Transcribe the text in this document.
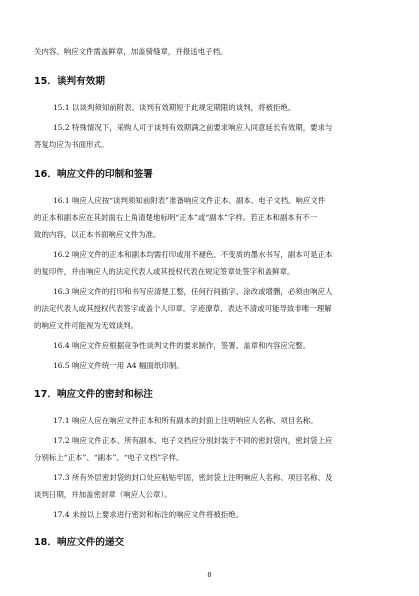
关内容。响应文件需盖鲜章，加盖骑缝章，并报送电子档。
15．谈判有效期
15.1 以谈判须知前附表。谈判有效期短于此规定期限的谈判，将被拒绝。
15.2 特殊情况下，采购人可于谈判有效期满之前要求响应人同意延长有效期，要求与
答复均应为书面形式。
16．响应文件的印制和签署
16.1 响应人应按“谈判须知前附表”准备响应文件正本、副本、电子文档。响应文件
的正本和副本应在其封面右上角清楚地标明“正本”或“副本”字样。若正本和副本有不一
致的内容，以正本书面响应文件为准。
16.2 响应文件的正本和副本均需打印或用不褪色、不变质的墨水书写，副本可是正本
的复印件，并由响应人的法定代表人或其授权代表在规定签章处签字和盖鲜章。
16.3 响应文件的打印和书写应清楚工整，任何行间插字、涂改或增删，必须由响应人
的法定代表人或其授权代表签字或盖个人印章。字迹潦草、表达不清或可能导致非唯一理解
的响应文件可能视为无效谈判。
16.4 响应文件应根据竞争性谈判文件的要求制作，签署、盖章和内容应完整。
16.5 响应文件统一用 A4 幅面纸印制。
17．响应文件的密封和标注
17.1 响应人应在响应文件正本和所有副本的封面上注明响应人名称、项目名称。
17.2 响应文件正本、所有副本、电子文档应分别封装于不同的密封袋内，密封袋上应
分别标上“正本”、“副本”、“电子文档”字样。
17.3 所有外层密封袋的封口处应粘贴牢固，密封袋上注明响应人名称、项目名称、及
谈判日期，并加盖密封章（响应人公章）。
17.4 未按以上要求进行密封和标注的响应文件将被拒绝。
18．响应文件的递交
8
